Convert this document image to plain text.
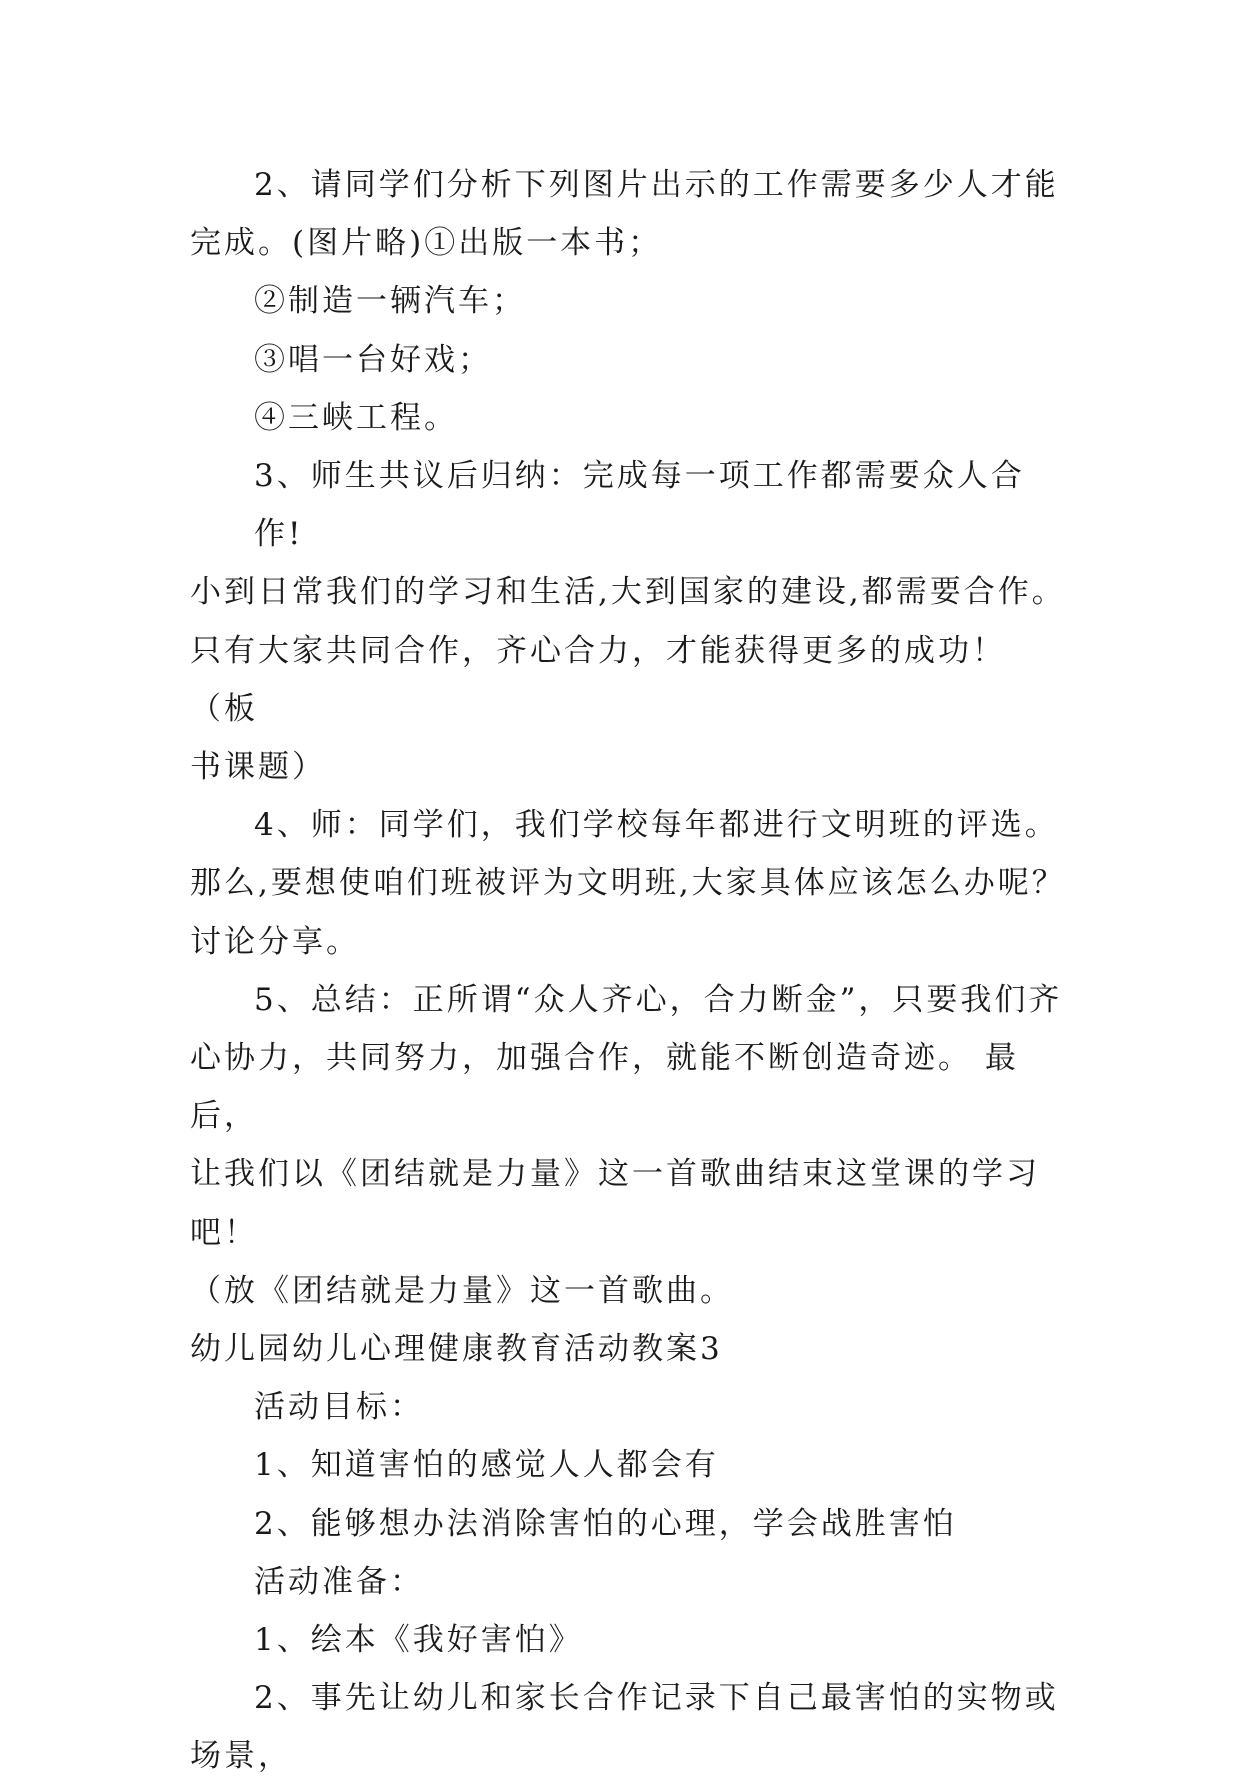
2、请同学们分析下列图片出示的工作需要多少人才能
完成。(图片略)①出版一本书；
②制造一辆汽车；
③唱一台好戏；
④三峡工程。
3、师生共议后归纳：完成每一项工作都需要众人合作!
小到日常我们的学习和生活,大到国家的建设,都需要合作。
只有大家共同合作，齐心合力，才能获得更多的成功！（板
书课题）
4、师：同学们，我们学校每年都进行文明班的评选。
那么,要想使咱们班被评为文明班,大家具体应该怎么办呢？
讨论分享。
5、总结：正所谓“众人齐心，合力断金”，只要我们齐
心协力，共同努力，加强合作，就能不断创造奇迹。 最后，
让我们以《团结就是力量》这一首歌曲结束这堂课的学习吧！
（放《团结就是力量》这一首歌曲。
幼儿园幼儿心理健康教育活动教案3
活动目标：
1、知道害怕的感觉人人都会有
2、能够想办法消除害怕的心理，学会战胜害怕
活动准备：
1、绘本《我好害怕》
2、事先让幼儿和家长合作记录下自己最害怕的实物或
场景，
